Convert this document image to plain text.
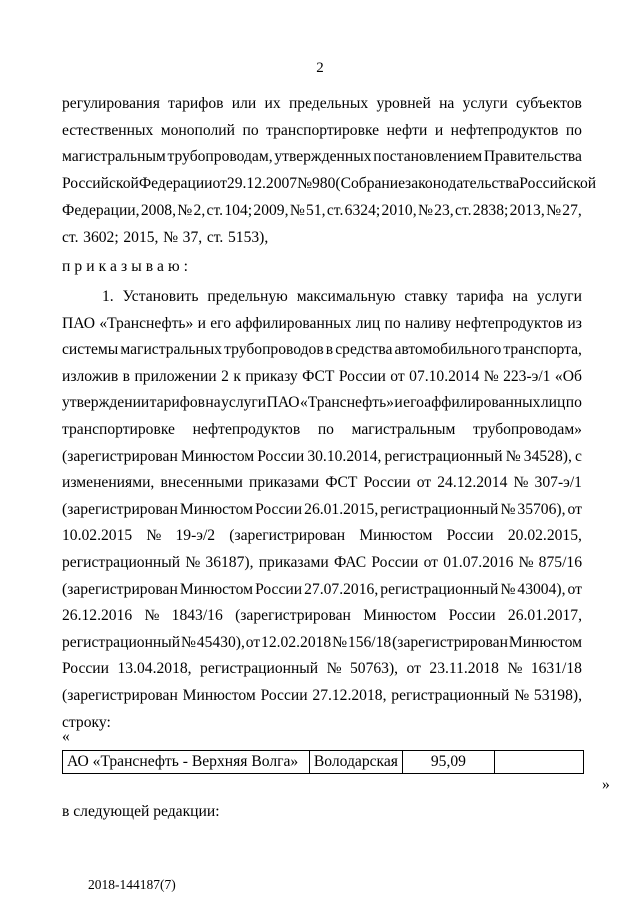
2
регулирования тарифов или их предельных уровней на услуги субъектов
естественных монополий по транспортировке нефти и нефтепродуктов по
магистральным трубопроводам, утвержденных постановлением Правительства
Российской Федерации от 29.12.2007 № 980 (Собрание законодательства Российской
Федерации, 2008, № 2, ст. 104; 2009, № 51, ст. 6324; 2010, № 23, ст. 2838; 2013, № 27,
ст. 3602; 2015, № 37, ст. 5153),
приказываю:
1. Установить предельную максимальную ставку тарифа на услуги
ПАО «Транснефть» и его аффилированных лиц по наливу нефтепродуктов из
системы магистральных трубопроводов в средства автомобильного транспорта,
изложив в приложении 2 к приказу ФСТ России от 07.10.2014 № 223-э/1 «Об
утверждении тарифов на услуги ПАО «Транснефть» и его аффилированных лиц по
транспортировке нефтепродуктов по магистральным трубопроводам»
(зарегистрирован Минюстом России 30.10.2014, регистрационный № 34528), с
изменениями, внесенными приказами ФСТ России от 24.12.2014 № 307-э/1
(зарегистрирован Минюстом России 26.01.2015, регистрационный № 35706), от
10.02.2015 № 19-э/2 (зарегистрирован Минюстом России 20.02.2015,
регистрационный № 36187), приказами ФАС России от 01.07.2016 № 875/16
(зарегистрирован Минюстом России 27.07.2016, регистрационный № 43004), от
26.12.2016 № 1843/16 (зарегистрирован Минюстом России 26.01.2017,
регистрационный № 45430), от 12.02.2018 № 156/18 (зарегистрирован Минюстом
России 13.04.2018, регистрационный № 50763), от 23.11.2018 № 1631/18
(зарегистрирован Минюстом России 27.12.2018, регистрационный № 53198),
строку:
«
АО «Транснефть - Верхняя Волга»	Володарская	95,09	
»
в следующей редакции:
2018-144187(7)
